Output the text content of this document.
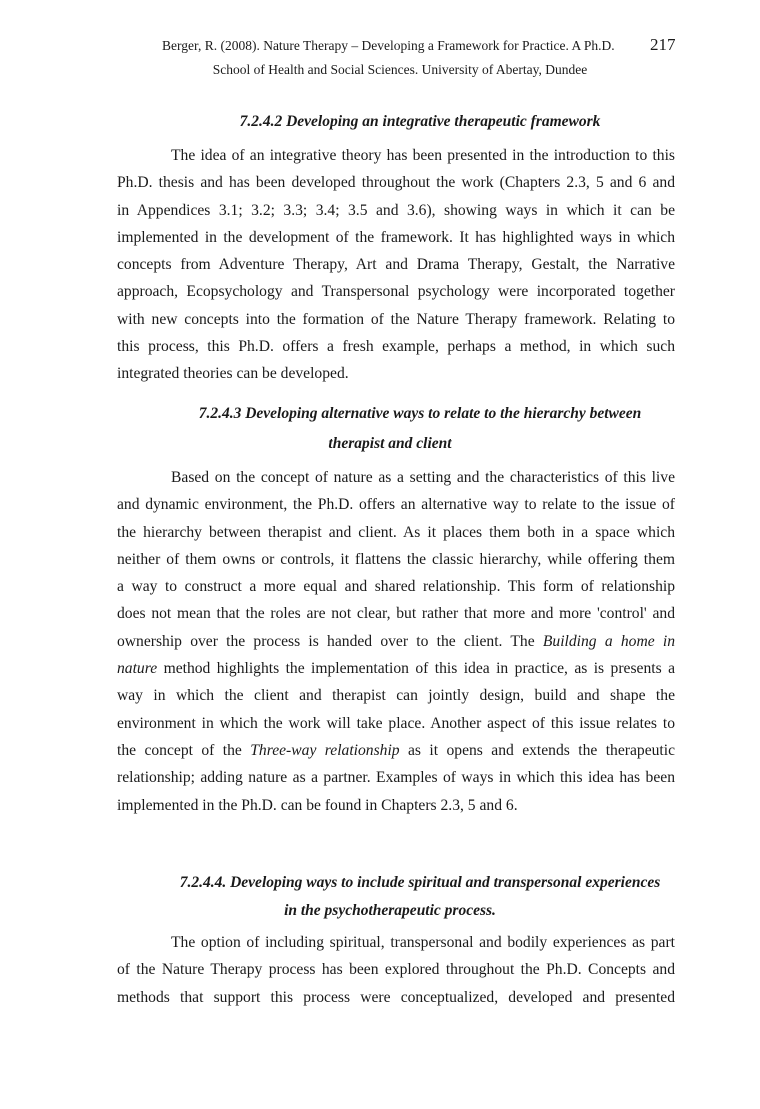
Berger, R. (2008). Nature Therapy – Developing a Framework for Practice. A Ph.D. 217
School of Health and Social Sciences. University of Abertay, Dundee
7.2.4.2 Developing an integrative therapeutic framework
The idea of an integrative theory has been presented in the introduction to this
Ph.D. thesis and has been developed throughout the work (Chapters 2.3, 5 and 6 and
in Appendices 3.1; 3.2; 3.3; 3.4; 3.5 and 3.6), showing ways in which it can be
implemented in the development of the framework. It has highlighted ways in which
concepts from Adventure Therapy, Art and Drama Therapy, Gestalt, the Narrative
approach, Ecopsychology and Transpersonal psychology were incorporated together
with new concepts into the formation of the Nature Therapy framework. Relating to
this process, this Ph.D. offers a fresh example, perhaps a method, in which such
integrated theories can be developed.
7.2.4.3 Developing alternative ways to relate to the hierarchy between
therapist and client
Based on the concept of nature as a setting and the characteristics of this live
and dynamic environment, the Ph.D. offers an alternative way to relate to the issue of
the hierarchy between therapist and client. As it places them both in a space which
neither of them owns or controls, it flattens the classic hierarchy, while offering them
a way to construct a more equal and shared relationship. This form of relationship
does not mean that the roles are not clear, but rather that more and more 'control' and
ownership over the process is handed over to the client. The Building a home in
nature method highlights the implementation of this idea in practice, as is presents a
way in which the client and therapist can jointly design, build and shape the
environment in which the work will take place. Another aspect of this issue relates to
the concept of the Three-way relationship as it opens and extends the therapeutic
relationship; adding nature as a partner. Examples of ways in which this idea has been
implemented in the Ph.D. can be found in Chapters 2.3, 5 and 6.
7.2.4.4. Developing ways to include spiritual and transpersonal experiences
in the psychotherapeutic process.
The option of including spiritual, transpersonal and bodily experiences as part
of the Nature Therapy process has been explored throughout the Ph.D. Concepts and
methods that support this process were conceptualized, developed and presented
